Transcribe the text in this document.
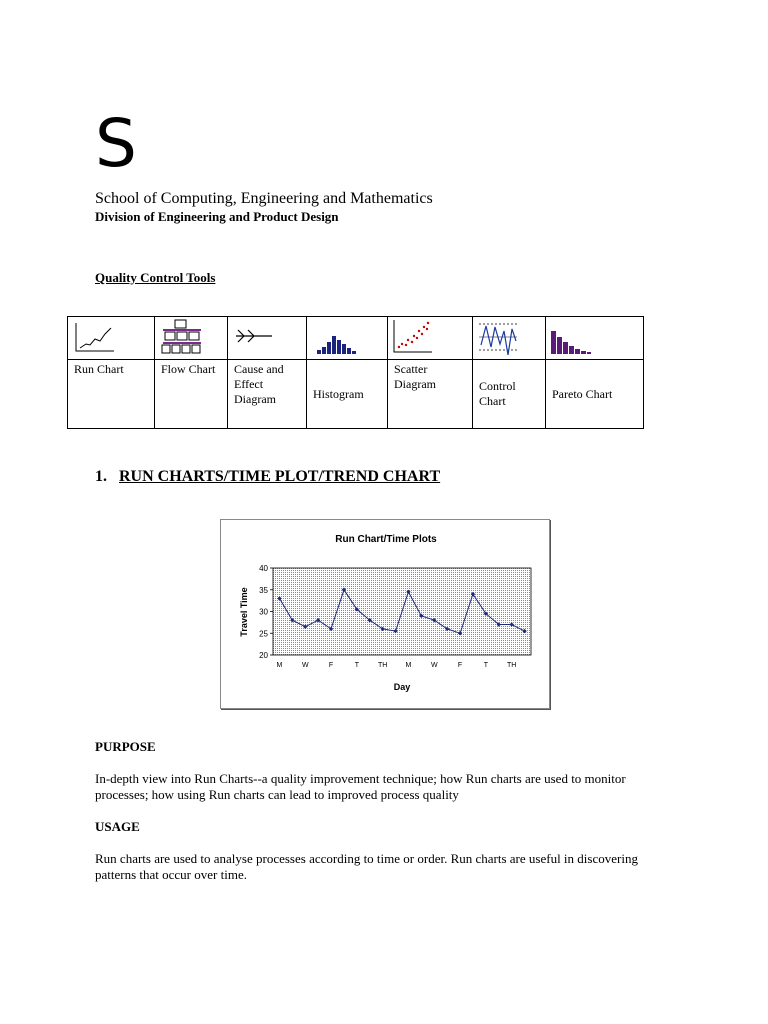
S
School of Computing, Engineering and Mathematics
Division of Engineering and Product Design
Quality Control Tools

Run Chart	Flow Chart	Cause and Effect Diagram	Histogram	Scatter Diagram	Control Chart	Pareto Chart
1. RUN CHARTS/TIME PLOT/TREND CHART
Run Chart/Time Plots
Travel Time
Day
20
25
30
35
40
M	W	F	T	TH	M	W	F	T	TH
PURPOSE
In-depth view into Run Charts--a quality improvement technique; how Run charts are used to monitor processes; how using Run charts can lead to improved process quality
USAGE
Run charts are used to analyse processes according to time or order. Run charts are useful in discovering patterns that occur over time.
